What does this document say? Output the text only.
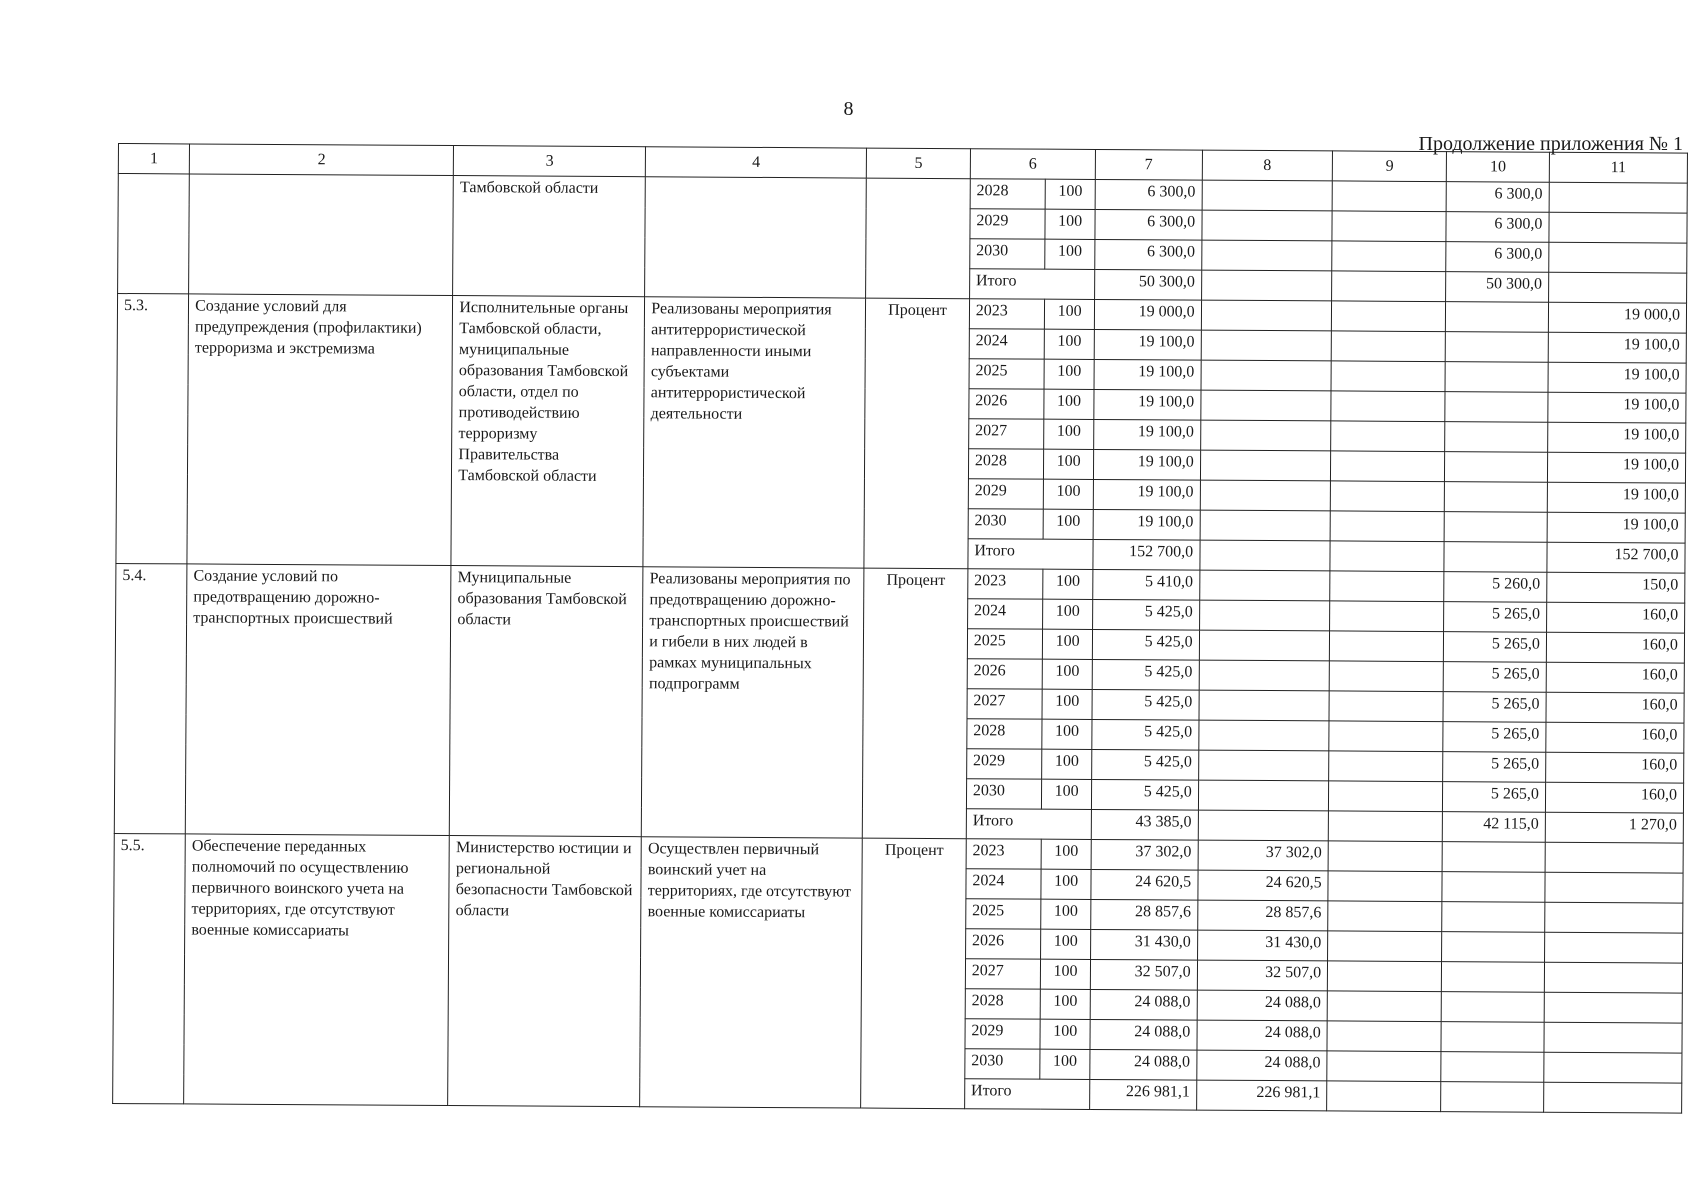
8
Продолжение приложения № 1
1	2	3	4	5	6		7	8	9	10	11
		Тамбовской области			2028	100	6 300,0			6 300,0	
					2029	100	6 300,0			6 300,0	
					2030	100	6 300,0			6 300,0	
					Итого		50 300,0			50 300,0	
5.3.	Создание условий для предупреждения (профилактики) терроризма и экстремизма	Исполнительные органы Тамбовской области, муниципальные образования Тамбовской области, отдел по противодействию терроризму Правительства Тамбовской области	Реализованы мероприятия антитеррористической направленности иными субъектами антитеррористической деятельности	Процент	2023	100	19 000,0				19 000,0
					2024	100	19 100,0				19 100,0
					2025	100	19 100,0				19 100,0
					2026	100	19 100,0				19 100,0
					2027	100	19 100,0				19 100,0
					2028	100	19 100,0				19 100,0
					2029	100	19 100,0				19 100,0
					2030	100	19 100,0				19 100,0
					Итого		152 700,0				152 700,0
5.4.	Создание условий по предотвращению дорожно-транспортных происшествий	Муниципальные образования Тамбовской области	Реализованы мероприятия по предотвращению дорожно-транспортных происшествий и гибели в них людей в рамках муниципальных подпрограмм	Процент	2023	100	5 410,0			5 260,0	150,0
					2024	100	5 425,0			5 265,0	160,0
					2025	100	5 425,0			5 265,0	160,0
					2026	100	5 425,0			5 265,0	160,0
					2027	100	5 425,0			5 265,0	160,0
					2028	100	5 425,0			5 265,0	160,0
					2029	100	5 425,0			5 265,0	160,0
					2030	100	5 425,0			5 265,0	160,0
					Итого		43 385,0			42 115,0	1 270,0
5.5.	Обеспечение переданных полномочий по осуществлению первичного воинского учета на территориях, где отсутствуют военные комиссариаты	Министерство юстиции и региональной безопасности Тамбовской области	Осуществлен первичный воинский учет на территориях, где отсутствуют военные комиссариаты	Процент	2023	100	37 302,0	37 302,0			
					2024	100	24 620,5	24 620,5			
					2025	100	28 857,6	28 857,6			
					2026	100	31 430,0	31 430,0			
					2027	100	32 507,0	32 507,0			
					2028	100	24 088,0	24 088,0			
					2029	100	24 088,0	24 088,0			
					2030	100	24 088,0	24 088,0			
					Итого		226 981,1	226 981,1			
